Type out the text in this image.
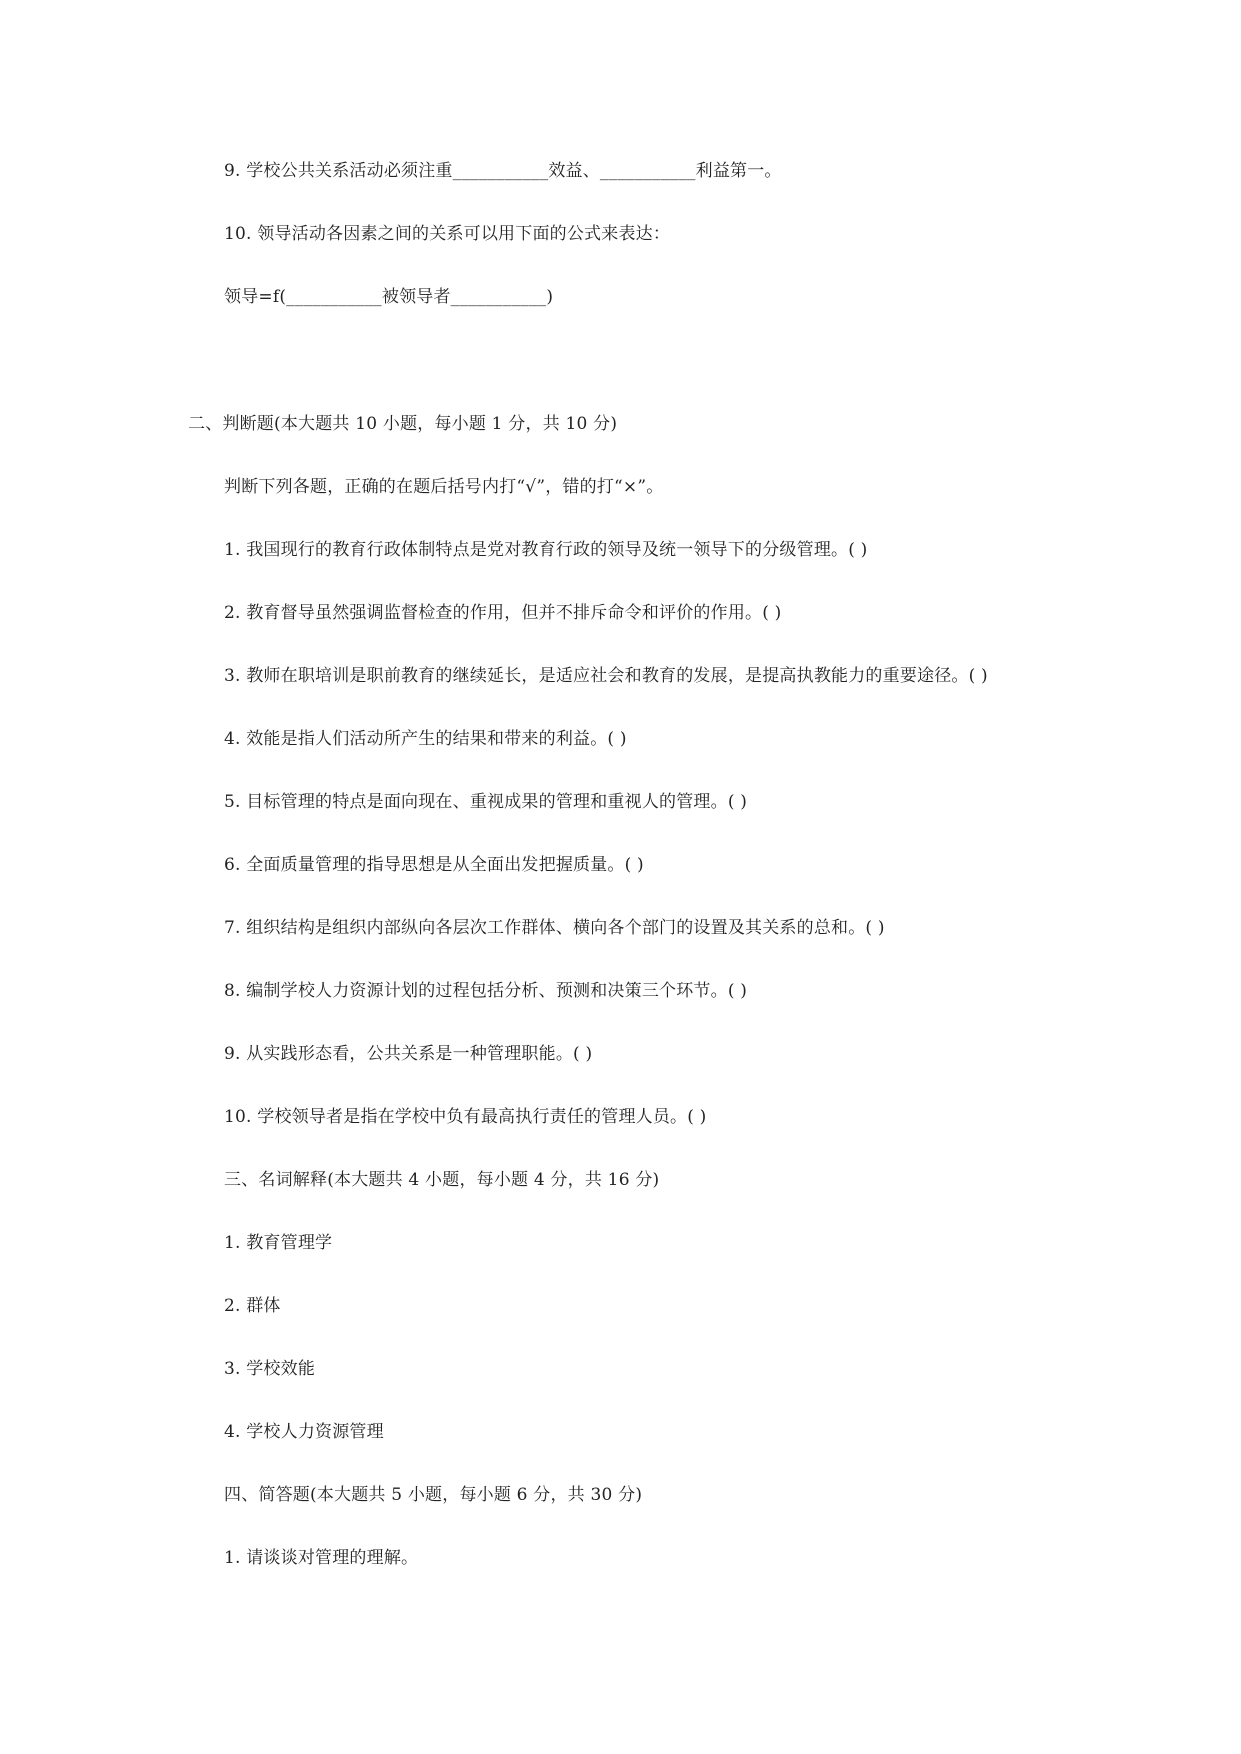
9. 学校公共关系活动必须注重___________效益、___________利益第一。
10. 领导活动各因素之间的关系可以用下面的公式来表达：
领导=f(___________被领导者___________)
二、判断题(本大题共 10 小题，每小题 1 分，共 10 分)
判断下列各题，正确的在题后括号内打“√”，错的打“×”。
1. 我国现行的教育行政体制特点是党对教育行政的领导及统一领导下的分级管理。( )
2. 教育督导虽然强调监督检查的作用，但并不排斥命令和评价的作用。( )
3. 教师在职培训是职前教育的继续延长，是适应社会和教育的发展，是提高执教能力的重要途径。( )
4. 效能是指人们活动所产生的结果和带来的利益。( )
5. 目标管理的特点是面向现在、重视成果的管理和重视人的管理。( )
6. 全面质量管理的指导思想是从全面出发把握质量。( )
7. 组织结构是组织内部纵向各层次工作群体、横向各个部门的设置及其关系的总和。( )
8. 编制学校人力资源计划的过程包括分析、预测和决策三个环节。( )
9. 从实践形态看，公共关系是一种管理职能。( )
10. 学校领导者是指在学校中负有最高执行责任的管理人员。( )
三、名词解释(本大题共 4 小题，每小题 4 分，共 16 分)
1. 教育管理学
2. 群体
3. 学校效能
4. 学校人力资源管理
四、简答题(本大题共 5 小题，每小题 6 分，共 30 分)
1. 请谈谈对管理的理解。
